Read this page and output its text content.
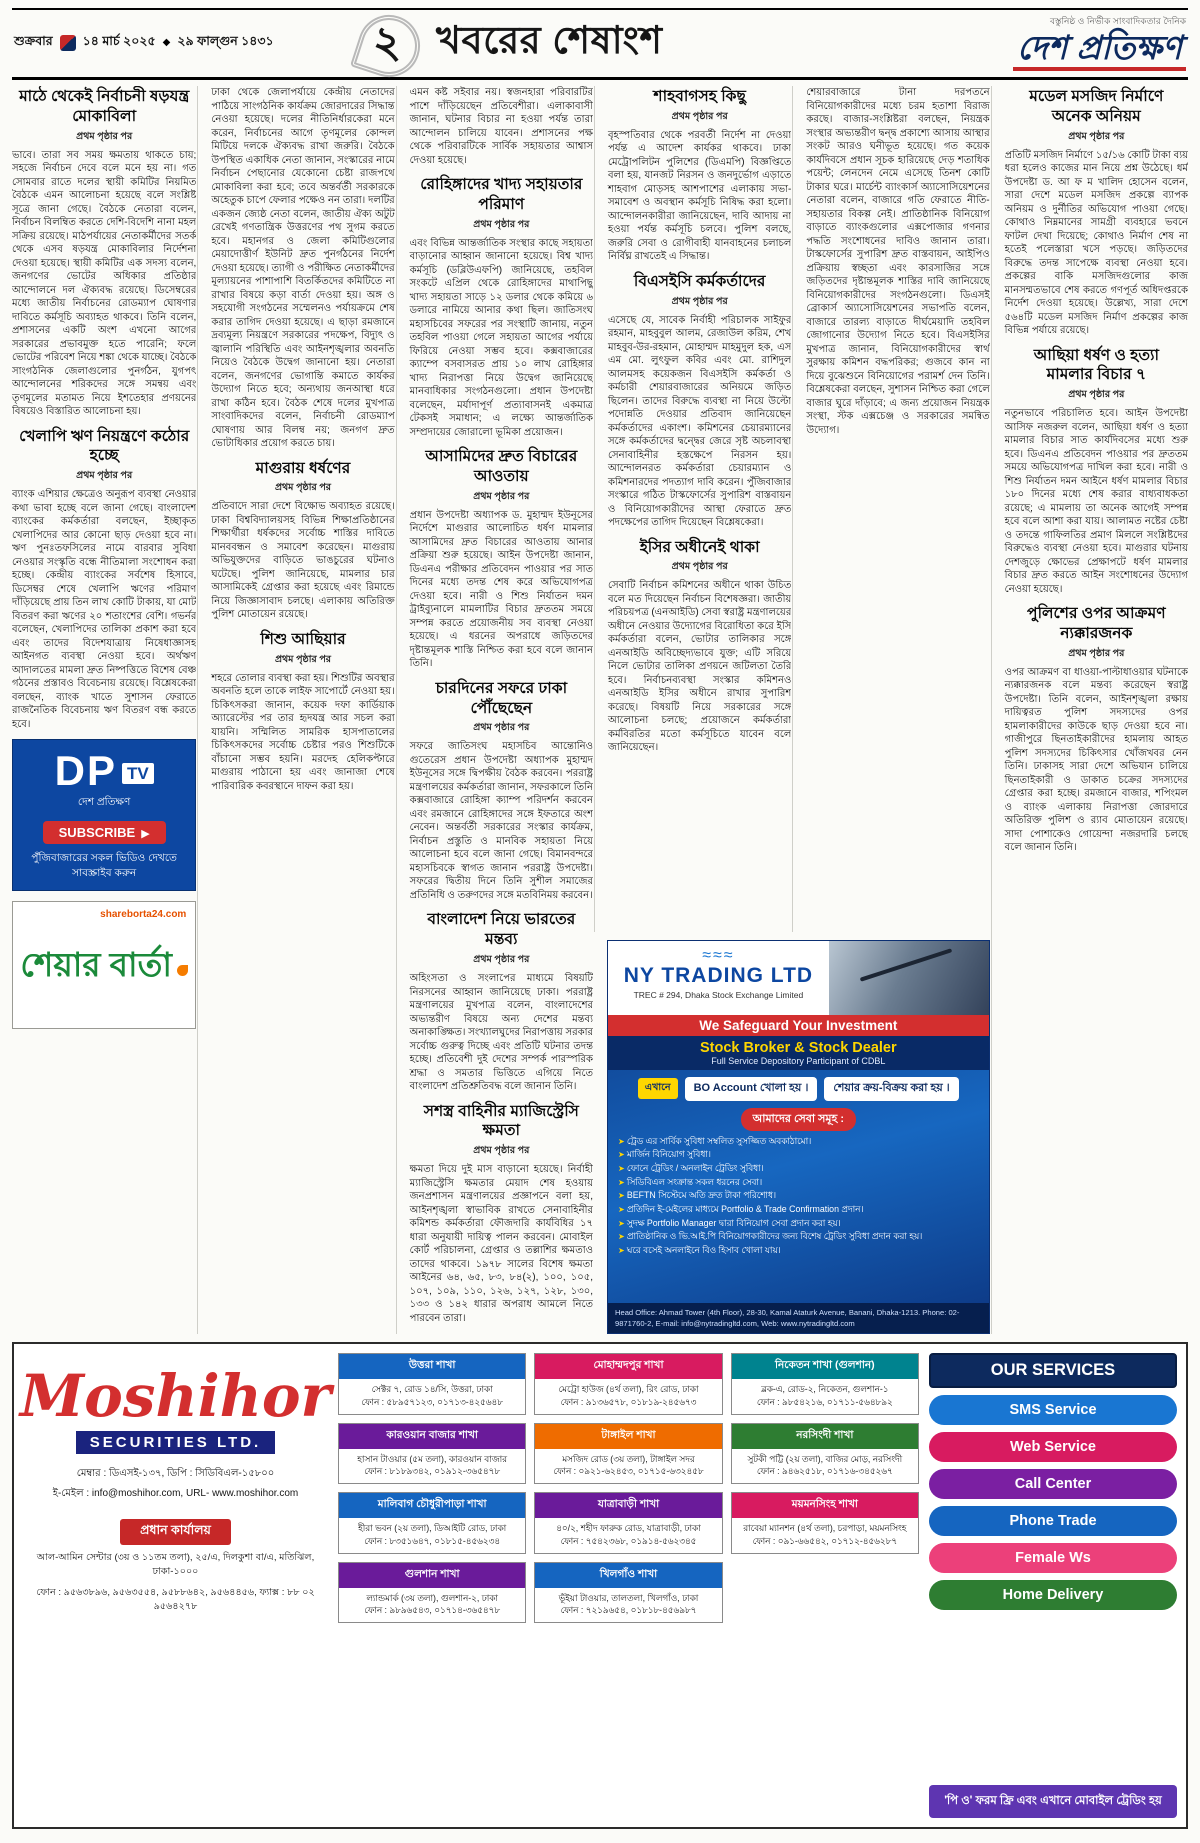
শুক্রবার ১৪ মার্চ ২০২৫ ◆ ২৯ ফাল্গুন ১৪৩১ ২ খবরের শেষাংশ	বস্তুনিষ্ঠ ও নির্ভীক সাংবাদিকতার দৈনিক
দেশ প্রতিক্ষণ
মাঠে থেকেই নির্বাচনী ষড়যন্ত্র মোকাবিলা
প্রথম পৃষ্ঠার পর

ভাবে। তারা সব সময় ক্ষমতায় থাকতে চায়; সহজে নির্বাচন দেবে বলে মনে হয় না। গত সোমবার রাতে দলের স্থায়ী কমিটির নিয়মিত বৈঠকে এমন আলোচনা হয়েছে বলে সংশ্লিষ্ট সূত্রে জানা গেছে। বৈঠকে নেতারা বলেন, নির্বাচন বিলম্বিত করতে দেশি-বিদেশি নানা মহল সক্রিয় রয়েছে। মাঠপর্যায়ের নেতাকর্মীদের সতর্ক থেকে এসব ষড়যন্ত্র মোকাবিলার নির্দেশনা দেওয়া হয়েছে। স্থায়ী কমিটির এক সদস্য বলেন, জনগণের ভোটের অধিকার প্রতিষ্ঠার আন্দোলনে দল ঐক্যবদ্ধ রয়েছে। ডিসেম্বরের মধ্যে জাতীয় নির্বাচনের রোডম্যাপ ঘোষণার দাবিতে কর্মসূচি অব্যাহত থাকবে। তিনি বলেন, প্রশাসনের একটি অংশ এখনো আগের সরকারের প্রভাবমুক্ত হতে পারেনি; ফলে ভোটের পরিবেশ নিয়ে শঙ্কা থেকে যাচ্ছে। বৈঠকে সাংগঠনিক জেলাগুলোর পুনর্গঠন, যুগপৎ আন্দোলনের শরিকদের সঙ্গে সমন্বয় এবং তৃণমূলের মতামত নিয়ে ইশতেহার প্রণয়নের বিষয়েও বিস্তারিত আলোচনা হয়।

খেলাপি ঋণ নিয়ন্ত্রণে কঠোর হচ্ছে
প্রথম পৃষ্ঠার পর

ব্যাংক এশিয়ার ক্ষেত্রেও অনুরূপ ব্যবস্থা নেওয়ার কথা ভাবা হচ্ছে বলে জানা গেছে। বাংলাদেশ ব্যাংকের কর্মকর্তারা বলছেন, ইচ্ছাকৃত খেলাপিদের আর কোনো ছাড় দেওয়া হবে না। ঋণ পুনঃতফসিলের নামে বারবার সুবিধা নেওয়ার সংস্কৃতি বন্ধে নীতিমালা সংশোধন করা হচ্ছে। কেন্দ্রীয় ব্যাংকের সর্বশেষ হিসাবে, ডিসেম্বর শেষে খেলাপি ঋণের পরিমাণ দাঁড়িয়েছে প্রায় তিন লাখ কোটি টাকায়, যা মোট বিতরণ করা ঋণের ২০ শতাংশের বেশি। গভর্নর বলেছেন, খেলাপিদের তালিকা প্রকাশ করা হবে এবং তাদের বিদেশযাত্রায় নিষেধাজ্ঞাসহ আইনগত ব্যবস্থা নেওয়া হবে। অর্থঋণ আদালতের মামলা দ্রুত নিষ্পত্তিতে বিশেষ বেঞ্চ গঠনের প্রস্তাবও বিবেচনায় রয়েছে। বিশ্লেষকেরা বলছেন, ব্যাংক খাতে সুশাসন ফেরাতে রাজনৈতিক বিবেচনায় ঋণ বিতরণ বন্ধ করতে হবে।

DP TV
দেশ প্রতিক্ষণ
SUBSCRIBE ▶
পুঁজিবাজারের সকল ভিডিও দেখতে সাবস্ক্রাইব করুন
shareborta24.com
শেয়ার বার্তা

ঢাকা থেকে জেলাপর্যায়ে কেন্দ্রীয় নেতাদের পাঠিয়ে সাংগঠনিক কার্যক্রম জোরদারের সিদ্ধান্ত নেওয়া হয়েছে। দলের নীতিনির্ধারকেরা মনে করেন, নির্বাচনের আগে তৃণমূলের কোন্দল মিটিয়ে দলকে ঐক্যবদ্ধ রাখা জরুরি। বৈঠকে উপস্থিত একাধিক নেতা জানান, সংস্কারের নামে নির্বাচন পেছানোর যেকোনো চেষ্টা রাজপথে মোকাবিলা করা হবে; তবে অন্তর্বর্তী সরকারকে অহেতুক চাপে ফেলার পক্ষেও নন তারা। দলটির একজন জ্যেষ্ঠ নেতা বলেন, জাতীয় ঐক্য অটুট রেখেই গণতান্ত্রিক উত্তরণের পথ সুগম করতে হবে। মহানগর ও জেলা কমিটিগুলোর মেয়াদোত্তীর্ণ ইউনিট দ্রুত পুনর্গঠনের নির্দেশ দেওয়া হয়েছে। ত্যাগী ও পরীক্ষিত নেতাকর্মীদের মূল্যায়নের পাশাপাশি বিতর্কিতদের কমিটিতে না রাখার বিষয়ে কড়া বার্তা দেওয়া হয়। অঙ্গ ও সহযোগী সংগঠনের সম্মেলনও পর্যায়ক্রমে শেষ করার তাগিদ দেওয়া হয়েছে। এ ছাড়া রমজানে দ্রব্যমূল্য নিয়ন্ত্রণে সরকারের পদক্ষেপ, বিদ্যুৎ ও জ্বালানি পরিস্থিতি এবং আইনশৃঙ্খলার অবনতি নিয়েও বৈঠকে উদ্বেগ জানানো হয়। নেতারা বলেন, জনগণের ভোগান্তি কমাতে কার্যকর উদ্যোগ নিতে হবে; অন্যথায় জনআস্থা ধরে রাখা কঠিন হবে। বৈঠক শেষে দলের মুখপাত্র সাংবাদিকদের বলেন, নির্বাচনী রোডম্যাপ ঘোষণায় আর বিলম্ব নয়; জনগণ দ্রুত ভোটাধিকার প্রয়োগ করতে চায়।

মাগুরায় ধর্ষণের
প্রথম পৃষ্ঠার পর

প্রতিবাদে সারা দেশে বিক্ষোভ অব্যাহত রয়েছে। ঢাকা বিশ্ববিদ্যালয়সহ বিভিন্ন শিক্ষাপ্রতিষ্ঠানের শিক্ষার্থীরা ধর্ষকদের সর্বোচ্চ শাস্তির দাবিতে মানববন্ধন ও সমাবেশ করেছেন। মাগুরায় অভিযুক্তদের বাড়িতে ভাঙচুরের ঘটনাও ঘটেছে। পুলিশ জানিয়েছে, মামলার চার আসামিকেই গ্রেপ্তার করা হয়েছে এবং রিমান্ডে নিয়ে জিজ্ঞাসাবাদ চলছে। এলাকায় অতিরিক্ত পুলিশ মোতায়েন রয়েছে।

শিশু আছিয়ার
প্রথম পৃষ্ঠার পর

শহরে তোলার ব্যবস্থা করা হয়। শিশুটির অবস্থার অবনতি হলে তাকে লাইফ সাপোর্টে নেওয়া হয়। চিকিৎসকরা জানান, কয়েক দফা কার্ডিয়াক অ্যারেস্টের পর তার হৃদযন্ত্র আর সচল করা যায়নি। সম্মিলিত সামরিক হাসপাতালের চিকিৎসকদের সর্বোচ্চ চেষ্টার পরও শিশুটিকে বাঁচানো সম্ভব হয়নি। মরদেহ হেলিকপ্টারে মাগুরায় পাঠানো হয় এবং জানাজা শেষে পারিবারিক কবরস্থানে দাফন করা হয়।

এমন কষ্ট সইবার নয়। স্বজনহারা পরিবারটির পাশে দাঁড়িয়েছেন প্রতিবেশীরা। এলাকাবাসী জানান, ঘটনার বিচার না হওয়া পর্যন্ত তারা আন্দোলন চালিয়ে যাবেন। প্রশাসনের পক্ষ থেকে পরিবারটিকে সার্বিক সহায়তার আশ্বাস দেওয়া হয়েছে।

রোহিঙ্গাদের খাদ্য সহায়তার পরিমাণ
প্রথম পৃষ্ঠার পর

এবং বিভিন্ন আন্তর্জাতিক সংস্থার কাছে সহায়তা বাড়ানোর আহ্বান জানানো হয়েছে। বিশ্ব খাদ্য কর্মসূচি (ডব্লিউএফপি) জানিয়েছে, তহবিল সংকটে এপ্রিল থেকে রোহিঙ্গাদের মাথাপিছু খাদ্য সহায়তা সাড়ে ১২ ডলার থেকে কমিয়ে ৬ ডলারে নামিয়ে আনার কথা ছিল। জাতিসংঘ মহাসচিবের সফরের পর সংস্থাটি জানায়, নতুন তহবিল পাওয়া গেলে সহায়তা আগের পর্যায়ে ফিরিয়ে নেওয়া সম্ভব হবে। কক্সবাজারের ক্যাম্পে বসবাসরত প্রায় ১০ লাখ রোহিঙ্গার খাদ্য নিরাপত্তা নিয়ে উদ্বেগ জানিয়েছে মানবাধিকার সংগঠনগুলো। প্রধান উপদেষ্টা বলেছেন, মর্যাদাপূর্ণ প্রত্যাবাসনই একমাত্র টেকসই সমাধান; এ লক্ষ্যে আন্তর্জাতিক সম্প্রদায়ের জোরালো ভূমিকা প্রয়োজন।

আসামিদের দ্রুত বিচারের আওতায়
প্রথম পৃষ্ঠার পর

প্রধান উপদেষ্টা অধ্যাপক ড. মুহাম্মদ ইউনূসের নির্দেশে মাগুরার আলোচিত ধর্ষণ মামলার আসামিদের দ্রুত বিচারের আওতায় আনার প্রক্রিয়া শুরু হয়েছে। আইন উপদেষ্টা জানান, ডিএনএ পরীক্ষার প্রতিবেদন পাওয়ার পর সাত দিনের মধ্যে তদন্ত শেষ করে অভিযোগপত্র দেওয়া হবে। নারী ও শিশু নির্যাতন দমন ট্রাইব্যুনালে মামলাটির বিচার দ্রুততম সময়ে সম্পন্ন করতে প্রয়োজনীয় সব ব্যবস্থা নেওয়া হয়েছে। এ ধরনের অপরাধে জড়িতদের দৃষ্টান্তমূলক শাস্তি নিশ্চিত করা হবে বলে জানান তিনি।

চারদিনের সফরে ঢাকা পৌঁছেছেন
প্রথম পৃষ্ঠার পর

সফরে জাতিসংঘ মহাসচিব আন্তোনিও গুতেরেস প্রধান উপদেষ্টা অধ্যাপক মুহাম্মদ ইউনূসের সঙ্গে দ্বিপক্ষীয় বৈঠক করবেন। পররাষ্ট্র মন্ত্রণালয়ের কর্মকর্তারা জানান, সফরকালে তিনি কক্সবাজারে রোহিঙ্গা ক্যাম্প পরিদর্শন করবেন এবং রমজানে রোহিঙ্গাদের সঙ্গে ইফতারে অংশ নেবেন। অন্তর্বর্তী সরকারের সংস্কার কার্যক্রম, নির্বাচন প্রস্তুতি ও মানবিক সহায়তা নিয়ে আলোচনা হবে বলে জানা গেছে। বিমানবন্দরে মহাসচিবকে স্বাগত জানান পররাষ্ট্র উপদেষ্টা। সফরের দ্বিতীয় দিনে তিনি সুশীল সমাজের প্রতিনিধি ও তরুণদের সঙ্গে মতবিনিময় করবেন।

বাংলাদেশ নিয়ে ভারতের মন্তব্য
প্রথম পৃষ্ঠার পর

অহিংসতা ও সংলাপের মাধ্যমে বিষয়টি নিরসনের আহ্বান জানিয়েছে ঢাকা। পররাষ্ট্র মন্ত্রণালয়ের মুখপাত্র বলেন, বাংলাদেশের অভ্যন্তরীণ বিষয়ে অন্য দেশের মন্তব্য অনাকাঙ্ক্ষিত। সংখ্যালঘুদের নিরাপত্তায় সরকার সর্বোচ্চ গুরুত্ব দিচ্ছে এবং প্রতিটি ঘটনার তদন্ত হচ্ছে। প্রতিবেশী দুই দেশের সম্পর্ক পারস্পরিক শ্রদ্ধা ও সমতার ভিত্তিতে এগিয়ে নিতে বাংলাদেশ প্রতিশ্রুতিবদ্ধ বলে জানান তিনি।

সশস্ত্র বাহিনীর ম্যাজিস্ট্রেসি ক্ষমতা
প্রথম পৃষ্ঠার পর

ক্ষমতা দিয়ে দুই মাস বাড়ানো হয়েছে। নির্বাহী ম্যাজিস্ট্রেসি ক্ষমতার মেয়াদ শেষ হওয়ায় জনপ্রশাসন মন্ত্রণালয়ের প্রজ্ঞাপনে বলা হয়, আইনশৃঙ্খলা স্বাভাবিক রাখতে সেনাবাহিনীর কমিশন্ড কর্মকর্তারা ফৌজদারি কার্যবিধির ১৭ ধারা অনুযায়ী দায়িত্ব পালন করবেন। মোবাইল কোর্ট পরিচালনা, গ্রেপ্তার ও তল্লাশির ক্ষমতাও তাদের থাকবে। ১৯৭৮ সালের বিশেষ ক্ষমতা আইনের ৬৪, ৬৫, ৮৩, ৮৪(২), ১০০, ১০৫, ১০৭, ১০৯, ১১০, ১২৬, ১২৭, ১২৮, ১৩০, ১৩৩ ও ১৪২ ধারার অপরাধ আমলে নিতে পারবেন তারা।

শাহবাগসহ কিছু
প্রথম পৃষ্ঠার পর

বৃহস্পতিবার থেকে পরবর্তী নির্দেশ না দেওয়া পর্যন্ত এ আদেশ কার্যকর থাকবে। ঢাকা মেট্রোপলিটন পুলিশের (ডিএমপি) বিজ্ঞপ্তিতে বলা হয়, যানজট নিরসন ও জনদুর্ভোগ এড়াতে শাহবাগ মোড়সহ আশপাশের এলাকায় সভা-সমাবেশ ও অবস্থান কর্মসূচি নিষিদ্ধ করা হলো। আন্দোলনকারীরা জানিয়েছেন, দাবি আদায় না হওয়া পর্যন্ত কর্মসূচি চলবে। পুলিশ বলছে, জরুরি সেবা ও রোগীবাহী যানবাহনের চলাচল নির্বিঘ্ন রাখতেই এ সিদ্ধান্ত।

বিএসইসি কর্মকর্তাদের
প্রথম পৃষ্ঠার পর

এসেছে যে, সাবেক নির্বাহী পরিচালক সাইফুর রহমান, মাহবুবুল আলম, রেজাউল করিম, শেখ মাহবুব-উর-রহমান, মোহাম্মদ মাহমুদুল হক, এস এম মো. লুৎফুল কবির এবং মো. রাশিদুল আলমসহ কয়েকজন বিএসইসি কর্মকর্তা ও কর্মচারী শেয়ারবাজারের অনিয়মে জড়িত ছিলেন। তাদের বিরুদ্ধে ব্যবস্থা না নিয়ে উল্টো পদোন্নতি দেওয়ার প্রতিবাদ জানিয়েছেন কর্মকর্তাদের একাংশ। কমিশনের চেয়ারম্যানের সঙ্গে কর্মকর্তাদের দ্বন্দ্বের জেরে সৃষ্ট অচলাবস্থা সেনাবাহিনীর হস্তক্ষেপে নিরসন হয়। আন্দোলনরত কর্মকর্তারা চেয়ারম্যান ও কমিশনারদের পদত্যাগ দাবি করেন। পুঁজিবাজার সংস্কারে গঠিত টাস্কফোর্সের সুপারিশ বাস্তবায়ন ও বিনিয়োগকারীদের আস্থা ফেরাতে দ্রুত পদক্ষেপের তাগিদ দিয়েছেন বিশ্লেষকেরা।

ইসির অধীনেই থাকা
প্রথম পৃষ্ঠার পর

সেবাটি নির্বাচন কমিশনের অধীনে থাকা উচিত বলে মত দিয়েছেন নির্বাচন বিশেষজ্ঞরা। জাতীয় পরিচয়পত্র (এনআইডি) সেবা স্বরাষ্ট্র মন্ত্রণালয়ের অধীনে নেওয়ার উদ্যোগের বিরোধিতা করে ইসি কর্মকর্তারা বলেন, ভোটার তালিকার সঙ্গে এনআইডি অবিচ্ছেদ্যভাবে যুক্ত; এটি সরিয়ে নিলে ভোটার তালিকা প্রণয়নে জটিলতা তৈরি হবে। নির্বাচনব্যবস্থা সংস্কার কমিশনও এনআইডি ইসির অধীনে রাখার সুপারিশ করেছে। বিষয়টি নিয়ে সরকারের সঙ্গে আলোচনা চলছে; প্রয়োজনে কর্মকর্তারা কর্মবিরতির মতো কর্মসূচিতে যাবেন বলে জানিয়েছেন।

শেয়ারবাজারে টানা দরপতনে বিনিয়োগকারীদের মধ্যে চরম হতাশা বিরাজ করছে। বাজার-সংশ্লিষ্টরা বলছেন, নিয়ন্ত্রক সংস্থার অভ্যন্তরীণ দ্বন্দ্ব প্রকাশ্যে আসায় আস্থার সংকট আরও ঘনীভূত হয়েছে। গত কয়েক কার্যদিবসে প্রধান সূচক হারিয়েছে দেড় শতাধিক পয়েন্ট; লেনদেন নেমে এসেছে তিনশ কোটি টাকার ঘরে। মার্চেন্ট ব্যাংকার্স অ্যাসোসিয়েশনের নেতারা বলেন, বাজারে গতি ফেরাতে নীতি-সহায়তার বিকল্প নেই। প্রাতিষ্ঠানিক বিনিয়োগ বাড়াতে ব্যাংকগুলোর এক্সপোজার গণনার পদ্ধতি সংশোধনের দাবিও জানান তারা। টাস্কফোর্সের সুপারিশ দ্রুত বাস্তবায়ন, আইপিও প্রক্রিয়ায় স্বচ্ছতা এবং কারসাজির সঙ্গে জড়িতদের দৃষ্টান্তমূলক শাস্তির দাবি জানিয়েছে বিনিয়োগকারীদের সংগঠনগুলো। ডিএসই ব্রোকার্স অ্যাসোসিয়েশনের সভাপতি বলেন, বাজারে তারল্য বাড়াতে দীর্ঘমেয়াদি তহবিল জোগানোর উদ্যোগ নিতে হবে। বিএসইসির মুখপাত্র জানান, বিনিয়োগকারীদের স্বার্থ সুরক্ষায় কমিশন বদ্ধপরিকর; গুজবে কান না দিয়ে বুঝেশুনে বিনিয়োগের পরামর্শ দেন তিনি। বিশ্লেষকেরা বলছেন, সুশাসন নিশ্চিত করা গেলে বাজার ঘুরে দাঁড়াবে; এ জন্য প্রয়োজন নিয়ন্ত্রক সংস্থা, স্টক এক্সচেঞ্জ ও সরকারের সমন্বিত উদ্যোগ।

≈≈≈
NY TRADING LTD
TREC # 294, Dhaka Stock Exchange Limited
We Safeguard Your Investment
Stock Broker & Stock Dealer
Full Service Depository Participant of CDBL
এখানে	BO Account খোলা হয় ।	শেয়ার ক্রয়-বিক্রয় করা হয় ।
আমাদের সেবা সমূহ :
➤ ট্রেড এর সার্বিক সুবিধা সম্বলিত সুসজ্জিত অবকাঠামো।
➤ মার্জিন বিনিয়োগ সুবিধা।
➤ ফোনে ট্রেডিং / অনলাইন ট্রেডিং সুবিধা।
➤ সিডিবিএল সংক্রান্ত সকল ধরনের সেবা।
➤ BEFTN সিস্টেমে অতি দ্রুত টাকা পরিশোধ।
➤ প্রতিদিন ই-মেইলের মাধ্যমে Portfolio & Trade Confirmation প্রদান।
➤ সুদক্ষ Portfolio Manager দ্বারা বিনিয়োগ সেবা প্রদান করা হয়।
➤ প্রাতিষ্ঠানিক ও ভি.আই.পি বিনিয়োগকারীদের জন্য বিশেষ ট্রেডিং সুবিধা প্রদান করা হয়।
➤ ঘরে বসেই অনলাইনে বিও হিসাব খোলা যায়।
Head Office: Ahmad Tower (4th Floor), 28-30, Kamal Ataturk Avenue, Banani, Dhaka-1213. Phone: 02-9871760-2, E-mail: info@nytradingltd.com, Web: www.nytradingltd.com
মডেল মসজিদ নির্মাণে অনেক অনিয়ম
প্রথম পৃষ্ঠার পর

প্রতিটি মসজিদ নির্মাণে ১৫/১৬ কোটি টাকা ব্যয় ধরা হলেও কাজের মান নিয়ে প্রশ্ন উঠেছে। ধর্ম উপদেষ্টা ড. আ ফ ম খালিদ হোসেন বলেন, সারা দেশে মডেল মসজিদ প্রকল্পে ব্যাপক অনিয়ম ও দুর্নীতির অভিযোগ পাওয়া গেছে। কোথাও নিম্নমানের সামগ্রী ব্যবহারে ভবনে ফাটল দেখা দিয়েছে; কোথাও নির্মাণ শেষ না হতেই পলেস্তারা খসে পড়ছে। জড়িতদের বিরুদ্ধে তদন্ত সাপেক্ষে ব্যবস্থা নেওয়া হবে। প্রকল্পের বাকি মসজিদগুলোর কাজ মানসম্মতভাবে শেষ করতে গণপূর্ত অধিদপ্তরকে নির্দেশ দেওয়া হয়েছে। উল্লেখ্য, সারা দেশে ৫৬৪টি মডেল মসজিদ নির্মাণ প্রকল্পের কাজ বিভিন্ন পর্যায়ে রয়েছে।

আছিয়া ধর্ষণ ও হত্যা মামলার বিচার ৭
প্রথম পৃষ্ঠার পর

নতুনভাবে পরিচালিত হবে। আইন উপদেষ্টা আসিফ নজরুল বলেন, আছিয়া ধর্ষণ ও হত্যা মামলার বিচার সাত কার্যদিবসের মধ্যে শুরু হবে। ডিএনএ প্রতিবেদন পাওয়ার পর দ্রুততম সময়ে অভিযোগপত্র দাখিল করা হবে। নারী ও শিশু নির্যাতন দমন আইনে ধর্ষণ মামলার বিচার ১৮০ দিনের মধ্যে শেষ করার বাধ্যবাধকতা রয়েছে; এ মামলায় তা অনেক আগেই সম্পন্ন হবে বলে আশা করা যায়। আলামত নষ্টের চেষ্টা ও তদন্তে গাফিলতির প্রমাণ মিললে সংশ্লিষ্টদের বিরুদ্ধেও ব্যবস্থা নেওয়া হবে। মাগুরার ঘটনায় দেশজুড়ে ক্ষোভের প্রেক্ষাপটে ধর্ষণ মামলার বিচার দ্রুত করতে আইন সংশোধনের উদ্যোগ নেওয়া হয়েছে।

পুলিশের ওপর আক্রমণ ন্যক্কারজনক
প্রথম পৃষ্ঠার পর

ওপর আক্রমণ বা ধাওয়া-পাল্টাধাওয়ার ঘটনাকে ন্যক্কারজনক বলে মন্তব্য করেছেন স্বরাষ্ট্র উপদেষ্টা। তিনি বলেন, আইনশৃঙ্খলা রক্ষায় দায়িত্বরত পুলিশ সদস্যদের ওপর হামলাকারীদের কাউকে ছাড় দেওয়া হবে না। গাজীপুরে ছিনতাইকারীদের হামলায় আহত পুলিশ সদস্যদের চিকিৎসার খোঁজখবর নেন তিনি। ঢাকাসহ সারা দেশে অভিযান চালিয়ে ছিনতাইকারী ও ডাকাত চক্রের সদস্যদের গ্রেপ্তার করা হচ্ছে। রমজানে বাজার, শপিংমল ও ব্যাংক এলাকায় নিরাপত্তা জোরদারে অতিরিক্ত পুলিশ ও র‍্যাব মোতায়েন রয়েছে। সাদা পোশাকেও গোয়েন্দা নজরদারি চলছে বলে জানান তিনি।

Moshihor
SECURITIES LTD.
মেম্বার : ডিএসই-১৩৭, ডিপি : সিডিবিএল-১৫৮০০
ই-মেইল : info@moshihor.com, URL- www.moshihor.com
প্রধান কার্যালয়
আল-আমিন সেন্টার (৩য় ও ১১তম তলা), ২৫/এ, দিলকুশা বা/এ, মতিঝিল, ঢাকা-১০০০
ফোন : ৯৫৬৩৮৯৬, ৯৫৬৩৫৫৪, ৯৫৮৮৬৪২, ৯৫৬৪৪৫৬, ফ্যাক্স : ৮৮ ০২ ৯৫৬৪২৭৮
উত্তরা শাখা
সেক্টর ৭, রোড ১৪/সি, উত্তরা, ঢাকা
ফোন : ৫৮৯৫৭১২৩, ০১৭১৩-৪২৫৬৪৮
মোহাম্মদপুর শাখা
মেট্রো হাউজ (৪র্থ তলা), রিং রোড, ঢাকা
ফোন : ৯১৩৬৫৭৮, ০১৮১৯-২৪৫৬৭৩
নিকেতন শাখা (গুলশান)
ব্লক-এ, রোড-২, নিকেতন, গুলশান-১
ফোন : ৯৮৫৪২১৬, ০১৭১১-৫৬৪৮৯২
কারওয়ান বাজার শাখা
হাসান টাওয়ার (৫ম তলা), কারওয়ান বাজার
ফোন : ৮১৮৯৩৪২, ০১৯১২-৩৬৫৪৭৮
টাঙ্গাইল শাখা
মসজিদ রোড (৩য় তলা), টাঙ্গাইল সদর
ফোন : ০৯২১-৬২৪৫৩, ০১৭১৫-৬৩২৪৫৮
নরসিংদী শাখা
সুটকী পট্টি (২য় তলা), বাজির মোড়, নরসিংদী
ফোন : ৯৪৬২৫১৮, ০১৭১৬-৩৪৫২৬৭
মালিবাগ চৌধুরীপাড়া শাখা
হীরা ভবন (২য় তলা), ডিআইটি রোড, ঢাকা
ফোন : ৮৩৫১৬৪৭, ০১৮১৫-৪৫৬২৩৪
যাত্রাবাড়ী শাখা
৪০/২, শহীদ ফারুক রোড, যাত্রাবাড়ী, ঢাকা
ফোন : ৭৫৪২৩৬৮, ০১৯১৪-৫৬২৩৪৫
ময়মনসিংহ শাখা
রাবেয়া ম্যানশন (৪র্থ তলা), চরপাড়া, ময়মনসিংহ
ফোন : ০৯১-৬৬৫৪২, ০১৭১২-৪৫৬২৮৭
গুলশান শাখা
ল্যান্ডমার্ক (৩য় তলা), গুলশান-২, ঢাকা
ফোন : ৯৮৯৬৫৪৩, ০১৭১৪-৩৬৫৪৭৮
খিলগাঁও শাখা
ভূঁইয়া টাওয়ার, তালতলা, খিলগাঁও, ঢাকা
ফোন : ৭২১৯৬৫৪, ০১৮১৮-৪৫৬৯৮৭
OUR SERVICES
SMS Service
Web Service
Call Center
Phone Trade
Female Ws
Home Delivery
'পি ও' ফরম ফ্রি এবং এখানে মোবাইল ট্রেডিং হয়
